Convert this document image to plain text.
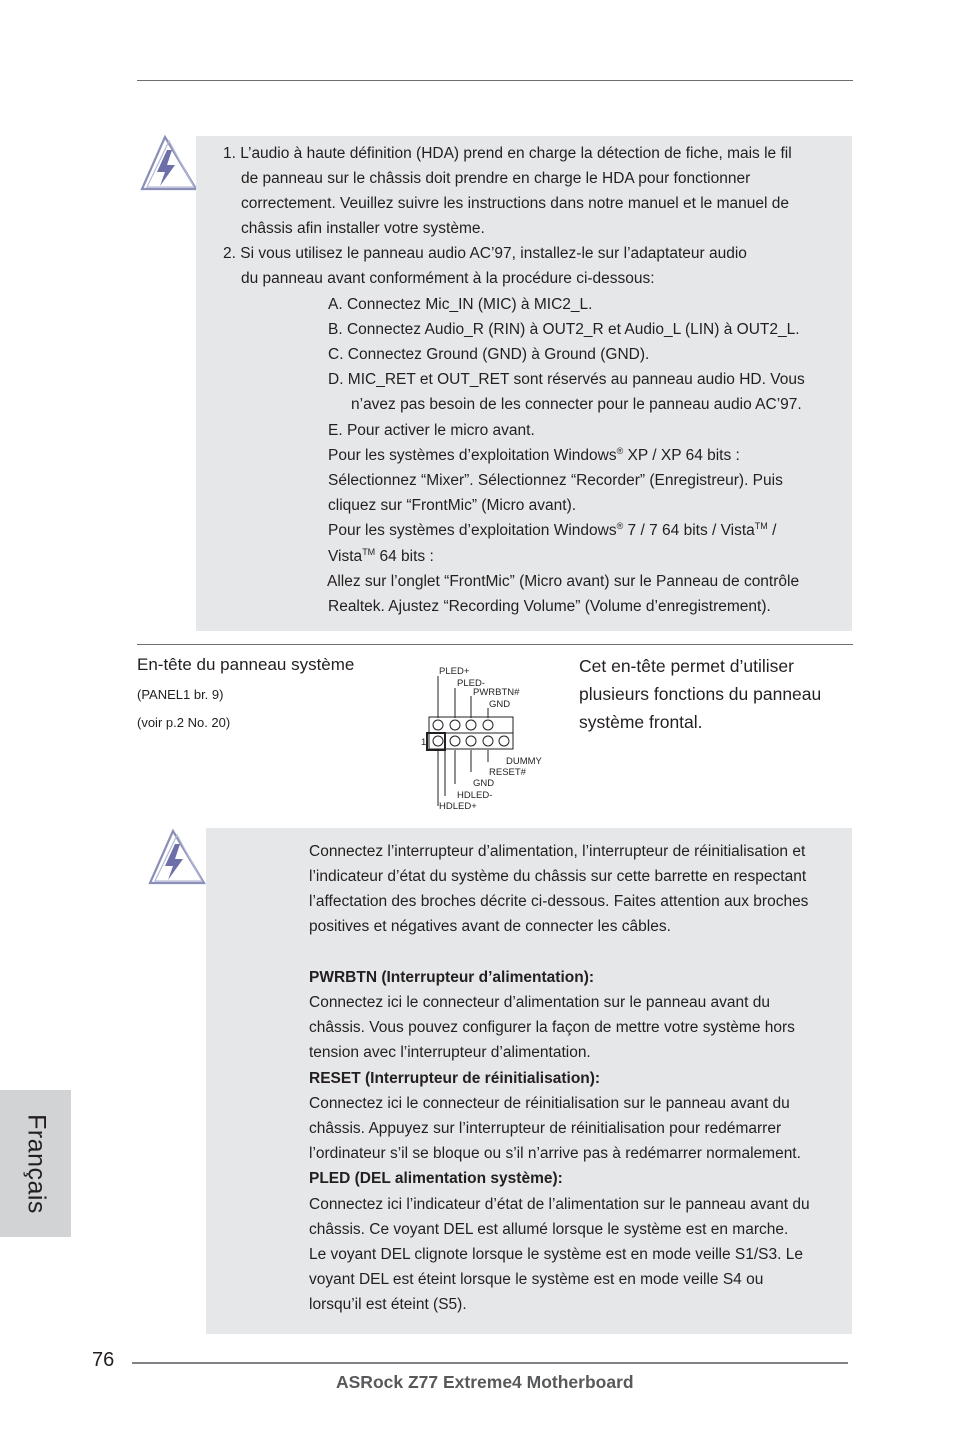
1. L’audio à haute définition (HDA) prend en charge la détection de fiche, mais le fil
de panneau sur le châssis doit prendre en charge le HDA pour fonctionner
correctement. Veuillez suivre les instructions dans notre manuel et le manuel de
châssis afin installer votre système.
2. Si vous utilisez le panneau audio AC’97, installez-le sur l’adaptateur audio
du panneau avant conformément à la procédure ci-dessous:
A. Connectez Mic_IN (MIC) à MIC2_L.
B. Connectez Audio_R (RIN) à OUT2_R et Audio_L (LIN) à OUT2_L.
C. Connectez Ground (GND) à Ground (GND).
D. MIC_RET et OUT_RET sont réservés au panneau audio HD. Vous
n’avez pas besoin de les connecter pour le panneau audio AC’97.
E. Pour activer le micro avant.
Pour les systèmes d’exploitation Windows® XP / XP 64 bits :
Sélectionnez “Mixer”. Sélectionnez “Recorder” (Enregistreur). Puis
cliquez sur “FrontMic” (Micro avant).
Pour les systèmes d’exploitation Windows® 7 / 7 64 bits / Vista™ /
Vista™ 64 bits :
Allez sur l’onglet “FrontMic” (Micro avant) sur le Panneau de contrôle
Realtek. Ajustez “Recording Volume” (Volume d’enregistrement).
En-tête du panneau système
(PANEL1 br. 9)
(voir p.2 No. 20)
PLED+
PLED-
PWRBTN#
GND
DUMMY
RESET#
GND
HDLED-
HDLED+
1
Cet en-tête permet d’utiliser
plusieurs fonctions du panneau
système frontal.
Connectez l’interrupteur d’alimentation, l’interrupteur de réinitialisation et
l’indicateur d’état du système du châssis sur cette barrette en respectant
l’affectation des broches décrite ci-dessous. Faites attention aux broches
positives et négatives avant de connecter les câbles.
PWRBTN (Interrupteur d’alimentation):
Connectez ici le connecteur d’alimentation sur le panneau avant du
châssis. Vous pouvez configurer la façon de mettre votre système hors
tension avec l’interrupteur d’alimentation.
RESET (Interrupteur de réinitialisation):
Connectez ici le connecteur de réinitialisation sur le panneau avant du
châssis. Appuyez sur l’interrupteur de réinitialisation pour redémarrer
l’ordinateur s’il se bloque ou s’il n’arrive pas à redémarrer normalement.
PLED (DEL alimentation système):
Connectez ici l’indicateur d’état de l’alimentation sur le panneau avant du
châssis. Ce voyant DEL est allumé lorsque le système est en marche.
Le voyant DEL clignote lorsque le système est en mode veille S1/S3. Le
voyant DEL est éteint lorsque le système est en mode veille S4 ou
lorsqu’il est éteint (S5).
Français
76
ASRock Z77 Extreme4 Motherboard
